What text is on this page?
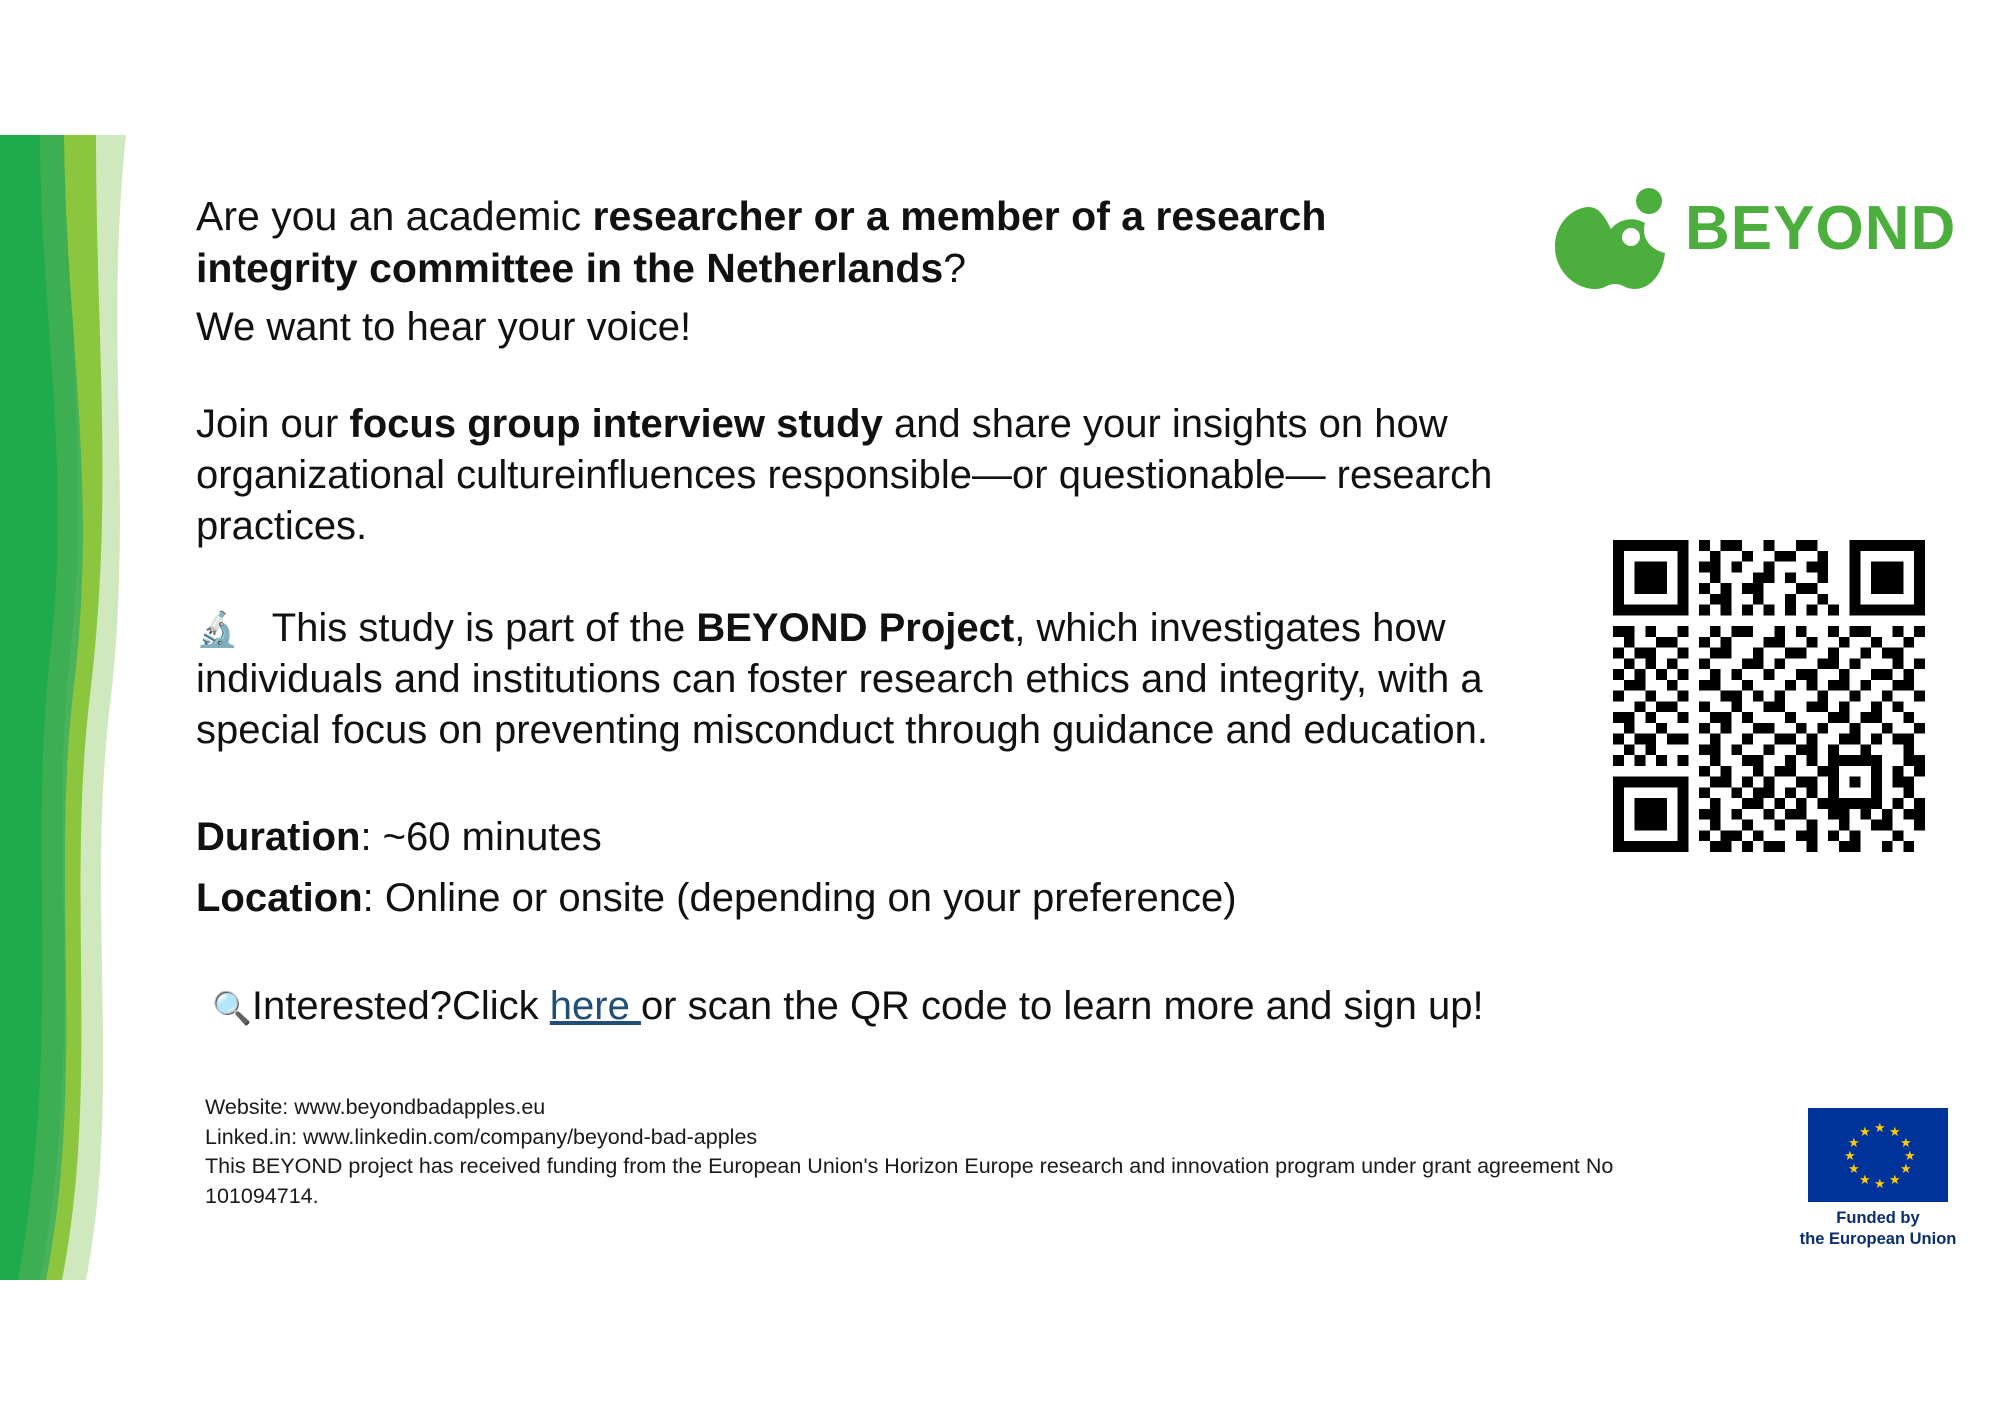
Are you an academic researcher or a member of a research integrity committee in the Netherlands?

We want to hear your voice!

Join our focus group interview study and share your insights on how organizational cultureinfluences responsible—or questionable— research practices.

🔬 This study is part of the BEYOND Project, which investigates how individuals and institutions can foster research ethics and integrity, with a special focus on preventing misconduct through guidance and education.

Duration: ~60 minutes

Location: Online or onsite (depending on your preference)

🔍Interested?Click here or scan the QR code to learn more and sign up!

Website: www.beyondbadapples.eu
Linked.in: www.linkedin.com/company/beyond-bad-apples
This BEYOND project has received funding from the European Union's Horizon Europe research and innovation program under grant agreement No 101094714.
BEYOND
★
★ ★
★	★
★	★
★	★
★ ★
★
Funded by
the European Union
